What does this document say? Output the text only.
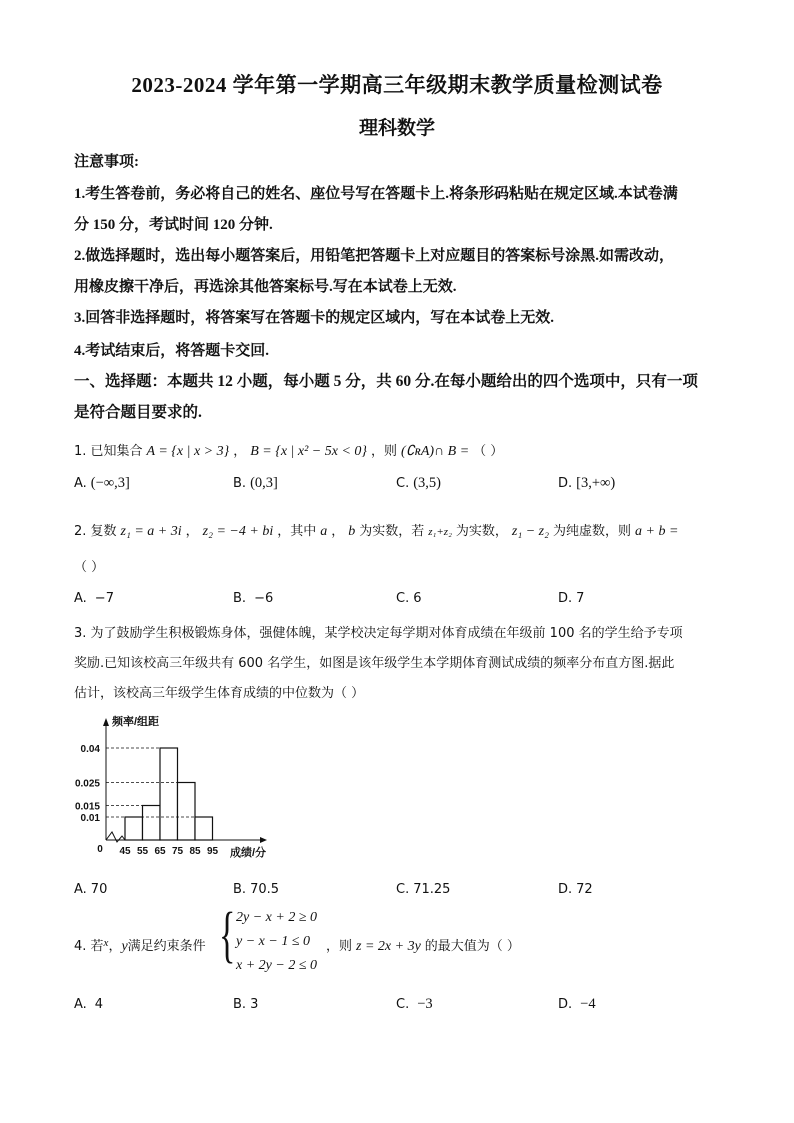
2023-2024 学年第一学期高三年级期末教学质量检测试卷
理科数学
注意事项:
1.考生答卷前，务必将自己的姓名、座位号写在答题卡上.将条形码粘贴在规定区域.本试卷满
分 150 分，考试时间 120 分钟.
2.做选择题时，选出每小题答案后，用铅笔把答题卡上对应题目的答案标号涂黑.如需改动，
用橡皮擦干净后，再选涂其他答案标号.写在本试卷上无效.
3.回答非选择题时，将答案写在答题卡的规定区域内，写在本试卷上无效.
4.考试结束后，将答题卡交回.
一、选择题：本题共 12 小题，每小题 5 分，共 60 分.在每小题给出的四个选项中，只有一项
是符合题目要求的.
1. 已知集合 A = {x | x > 3} ， B = {x | x² − 5x < 0} ，则 (∁ʀA)∩ B = （ ）
A. (−∞,3]	B. (0,3]	C. (3,5)	D. [3,+∞)
2. 复数 z₁ = a + 3i ， z₂ = −4 + bi ，其中 a ， b 为实数，若 z₁+z₂ 为实数， z₁ − z₂ 为纯虚数，则 a + b =
（ ）
A. −7	B. −6	C. 6	D. 7
3. 为了鼓励学生积极锻炼身体，强健体魄，某学校决定每学期对体育成绩在年级前 100 名的学生给予专项
奖励.已知该校高三年级共有 600 名学生，如图是该年级学生本学期体育测试成绩的频率分布直方图.据此
估计，该校高三年级学生体育成绩的中位数为（ ）
0.01
0.015
0.025
0.04
45 55 65 75 85 95
0
频率/组距
成绩/分
A. 70	B. 70.5	C. 71.25	D. 72
4. 若$^x$，y满足约束条件 { 2y − x + 2 ≥ 0
y − x − 1 ≤ 0
x + 2y − 2 ≤ 0
，则 z = 2x + 3y 的最大值为（ ）
A. 4	B. 3	C. −3	D. −4
